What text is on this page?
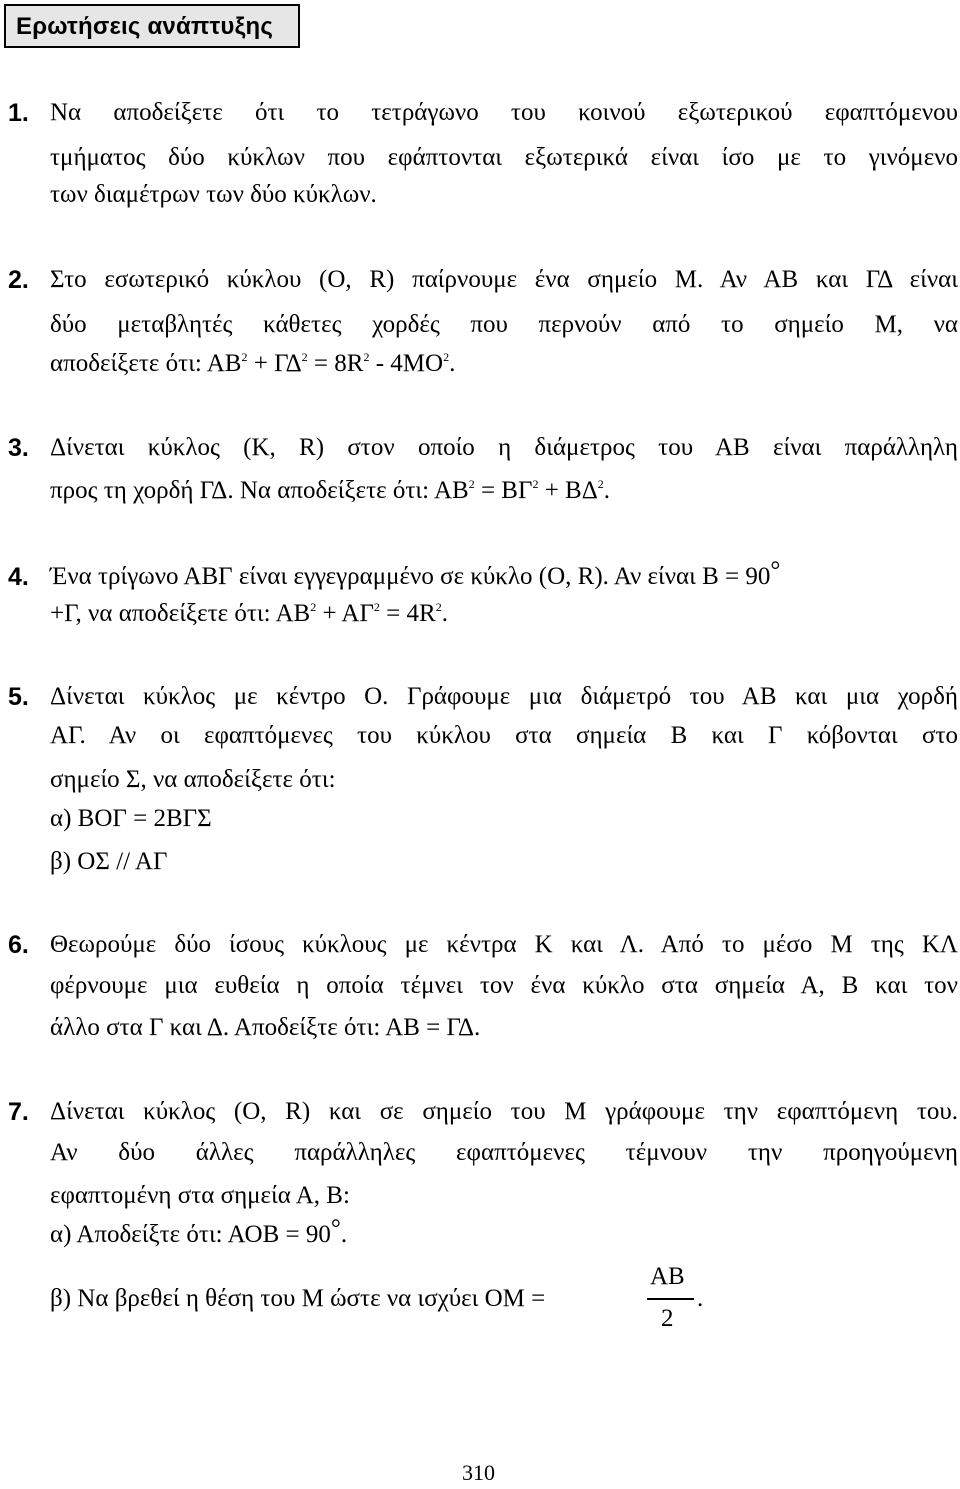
Ερωτήσεις ανάπτυξης
1. Να αποδείξετε ότι το τετράγωνο του κοινού εξωτερικού εφαπτόμενου
τμήματος δύο κύκλων που εφάπτονται εξωτερικά είναι ίσο με το γινόμενο
των διαμέτρων των δύο κύκλων.
2. Στο εσωτερικό κύκλου (Ο, R) παίρνουμε ένα σημείο Μ. Αν ΑΒ και ΓΔ είναι
δύο μεταβλητές κάθετες χορδές που περνούν από το σημείο Μ, να
αποδείξετε ότι: $AB^2 + \Gamma\Delta^2 = 8R^2 - 4MO^2$.
3. Δίνεται κύκλος (Κ, R) στον οποίο η διάμετρος του ΑΒ είναι παράλληλη
προς τη χορδή ΓΔ. Να αποδείξετε ότι: $AB^2 = B\Gamma^2 + B\Delta^2$.
4. Ένα τρίγωνο ΑΒΓ είναι εγγεγραμμένο σε κύκλο (Ο, R). Αν είναι Β = 90°
+Γ, να αποδείξετε ότι: $AB^2 + A\Gamma^2 = 4R^2$.
5. Δίνεται κύκλος με κέντρο Ο. Γράφουμε μια διάμετρό του ΑΒ και μια χορδή
ΑΓ. Αν οι εφαπτόμενες του κύκλου στα σημεία Β και Γ κόβονται στο
σημείο Σ, να αποδείξετε ότι:
α) ΒΟΓ = 2ΒΓΣ
β) ΟΣ // ΑΓ
6. Θεωρούμε δύο ίσους κύκλους με κέντρα Κ και Λ. Από το μέσο Μ της ΚΛ
φέρνουμε μια ευθεία η οποία τέμνει τον ένα κύκλο στα σημεία Α, Β και τον
άλλο στα Γ και Δ. Αποδείξτε ότι: ΑΒ = ΓΔ.
7. Δίνεται κύκλος (Ο, R) και σε σημείο του Μ γράφουμε την εφαπτόμενη του.
Αν δύο άλλες παράλληλες εφαπτόμενες τέμνουν την προηγούμενη
εφαπτομένη στα σημεία Α, Β:
α) Αποδείξτε ότι: ΑΟΒ = 90°.
β) Να βρεθεί η θέση του Μ ώστε να ισχύει ΟΜ =
ΑΒ
2
.
310
